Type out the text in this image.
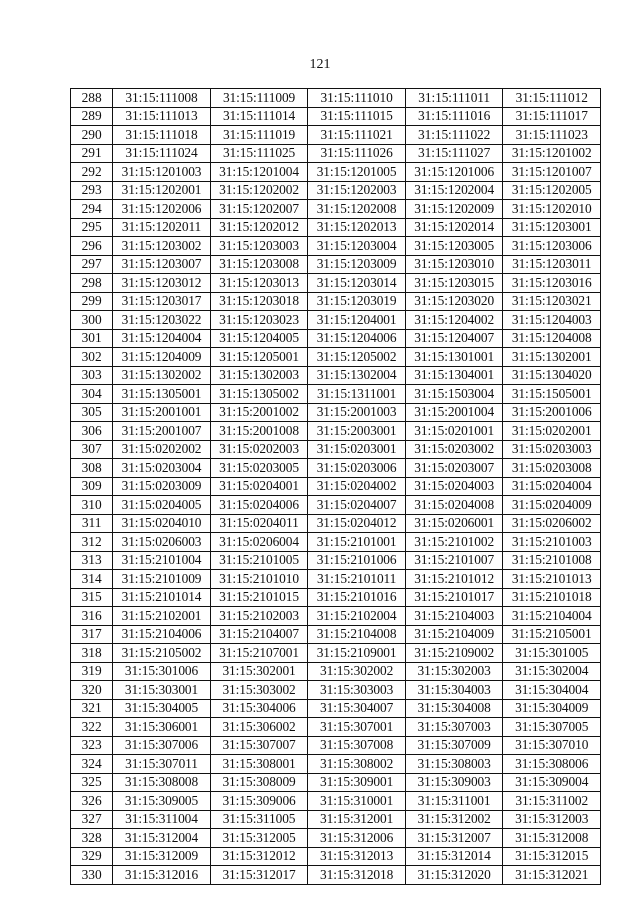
121
288	31:15:111008	31:15:111009	31:15:111010	31:15:111011	31:15:111012
289	31:15:111013	31:15:111014	31:15:111015	31:15:111016	31:15:111017
290	31:15:111018	31:15:111019	31:15:111021	31:15:111022	31:15:111023
291	31:15:111024	31:15:111025	31:15:111026	31:15:111027	31:15:1201002
292	31:15:1201003	31:15:1201004	31:15:1201005	31:15:1201006	31:15:1201007
293	31:15:1202001	31:15:1202002	31:15:1202003	31:15:1202004	31:15:1202005
294	31:15:1202006	31:15:1202007	31:15:1202008	31:15:1202009	31:15:1202010
295	31:15:1202011	31:15:1202012	31:15:1202013	31:15:1202014	31:15:1203001
296	31:15:1203002	31:15:1203003	31:15:1203004	31:15:1203005	31:15:1203006
297	31:15:1203007	31:15:1203008	31:15:1203009	31:15:1203010	31:15:1203011
298	31:15:1203012	31:15:1203013	31:15:1203014	31:15:1203015	31:15:1203016
299	31:15:1203017	31:15:1203018	31:15:1203019	31:15:1203020	31:15:1203021
300	31:15:1203022	31:15:1203023	31:15:1204001	31:15:1204002	31:15:1204003
301	31:15:1204004	31:15:1204005	31:15:1204006	31:15:1204007	31:15:1204008
302	31:15:1204009	31:15:1205001	31:15:1205002	31:15:1301001	31:15:1302001
303	31:15:1302002	31:15:1302003	31:15:1302004	31:15:1304001	31:15:1304020
304	31:15:1305001	31:15:1305002	31:15:1311001	31:15:1503004	31:15:1505001
305	31:15:2001001	31:15:2001002	31:15:2001003	31:15:2001004	31:15:2001006
306	31:15:2001007	31:15:2001008	31:15:2003001	31:15:0201001	31:15:0202001
307	31:15:0202002	31:15:0202003	31:15:0203001	31:15:0203002	31:15:0203003
308	31:15:0203004	31:15:0203005	31:15:0203006	31:15:0203007	31:15:0203008
309	31:15:0203009	31:15:0204001	31:15:0204002	31:15:0204003	31:15:0204004
310	31:15:0204005	31:15:0204006	31:15:0204007	31:15:0204008	31:15:0204009
311	31:15:0204010	31:15:0204011	31:15:0204012	31:15:0206001	31:15:0206002
312	31:15:0206003	31:15:0206004	31:15:2101001	31:15:2101002	31:15:2101003
313	31:15:2101004	31:15:2101005	31:15:2101006	31:15:2101007	31:15:2101008
314	31:15:2101009	31:15:2101010	31:15:2101011	31:15:2101012	31:15:2101013
315	31:15:2101014	31:15:2101015	31:15:2101016	31:15:2101017	31:15:2101018
316	31:15:2102001	31:15:2102003	31:15:2102004	31:15:2104003	31:15:2104004
317	31:15:2104006	31:15:2104007	31:15:2104008	31:15:2104009	31:15:2105001
318	31:15:2105002	31:15:2107001	31:15:2109001	31:15:2109002	31:15:301005
319	31:15:301006	31:15:302001	31:15:302002	31:15:302003	31:15:302004
320	31:15:303001	31:15:303002	31:15:303003	31:15:304003	31:15:304004
321	31:15:304005	31:15:304006	31:15:304007	31:15:304008	31:15:304009
322	31:15:306001	31:15:306002	31:15:307001	31:15:307003	31:15:307005
323	31:15:307006	31:15:307007	31:15:307008	31:15:307009	31:15:307010
324	31:15:307011	31:15:308001	31:15:308002	31:15:308003	31:15:308006
325	31:15:308008	31:15:308009	31:15:309001	31:15:309003	31:15:309004
326	31:15:309005	31:15:309006	31:15:310001	31:15:311001	31:15:311002
327	31:15:311004	31:15:311005	31:15:312001	31:15:312002	31:15:312003
328	31:15:312004	31:15:312005	31:15:312006	31:15:312007	31:15:312008
329	31:15:312009	31:15:312012	31:15:312013	31:15:312014	31:15:312015
330	31:15:312016	31:15:312017	31:15:312018	31:15:312020	31:15:312021
